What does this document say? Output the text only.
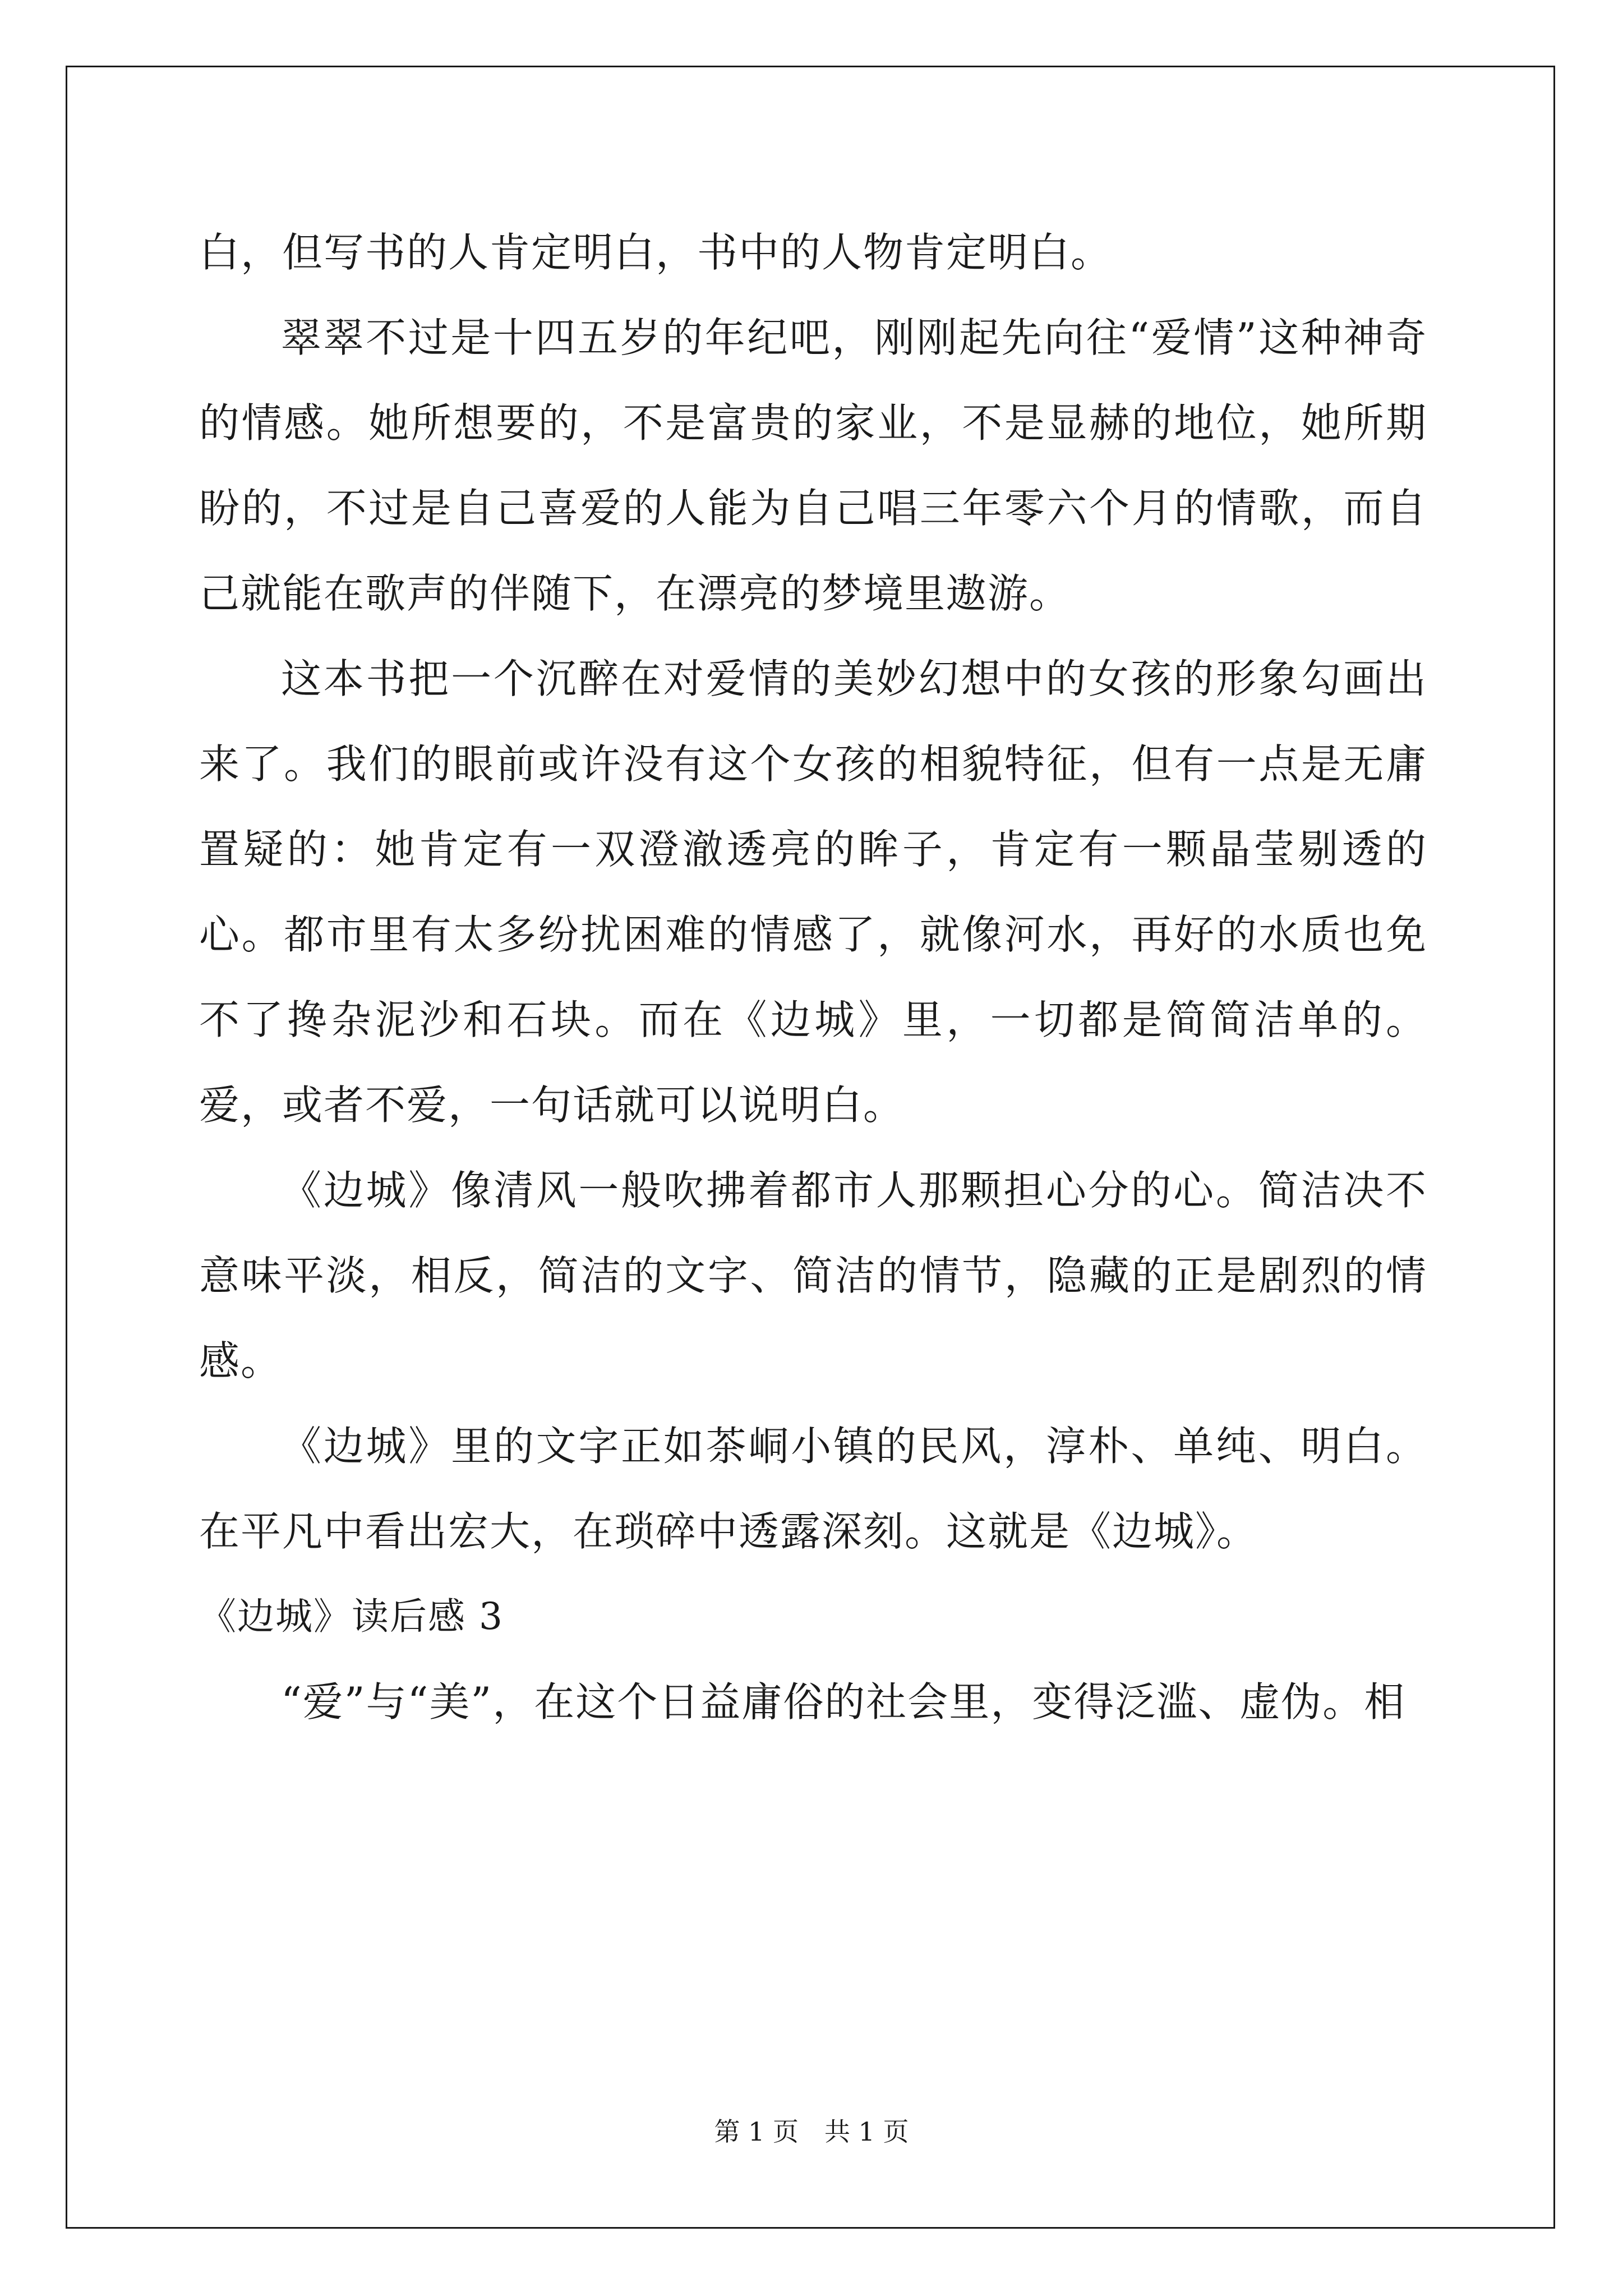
白，但写书的人肯定明白，书中的人物肯定明白。

翠翠不过是十四五岁的年纪吧，刚刚起先向往“爱情”这种神奇的情感。她所想要的，不是富贵的家业，不是显赫的地位，她所期盼的，不过是自己喜爱的人能为自己唱三年零六个月的情歌，而自己就能在歌声的伴随下，在漂亮的梦境里遨游。

这本书把一个沉醉在对爱情的美妙幻想中的女孩的形象勾画出来了。我们的眼前或许没有这个女孩的相貌特征，但有一点是无庸置疑的：她肯定有一双澄澈透亮的眸子，肯定有一颗晶莹剔透的心。都市里有太多纷扰困难的情感了，就像河水，再好的水质也免不了搀杂泥沙和石块。而在《边城》里，一切都是简简洁单的。爱，或者不爱，一句话就可以说明白。

《边城》像清风一般吹拂着都市人那颗担心分的心。简洁决不意味平淡，相反，简洁的文字、简洁的情节，隐藏的正是剧烈的情感。

《边城》里的文字正如茶峒小镇的民风，淳朴、单纯、明白。在平凡中看出宏大，在琐碎中透露深刻。这就是《边城》。

《边城》读后感 3

“爱”与“美”，在这个日益庸俗的社会里，变得泛滥、虚伪。相

第 1 页　共 1 页
